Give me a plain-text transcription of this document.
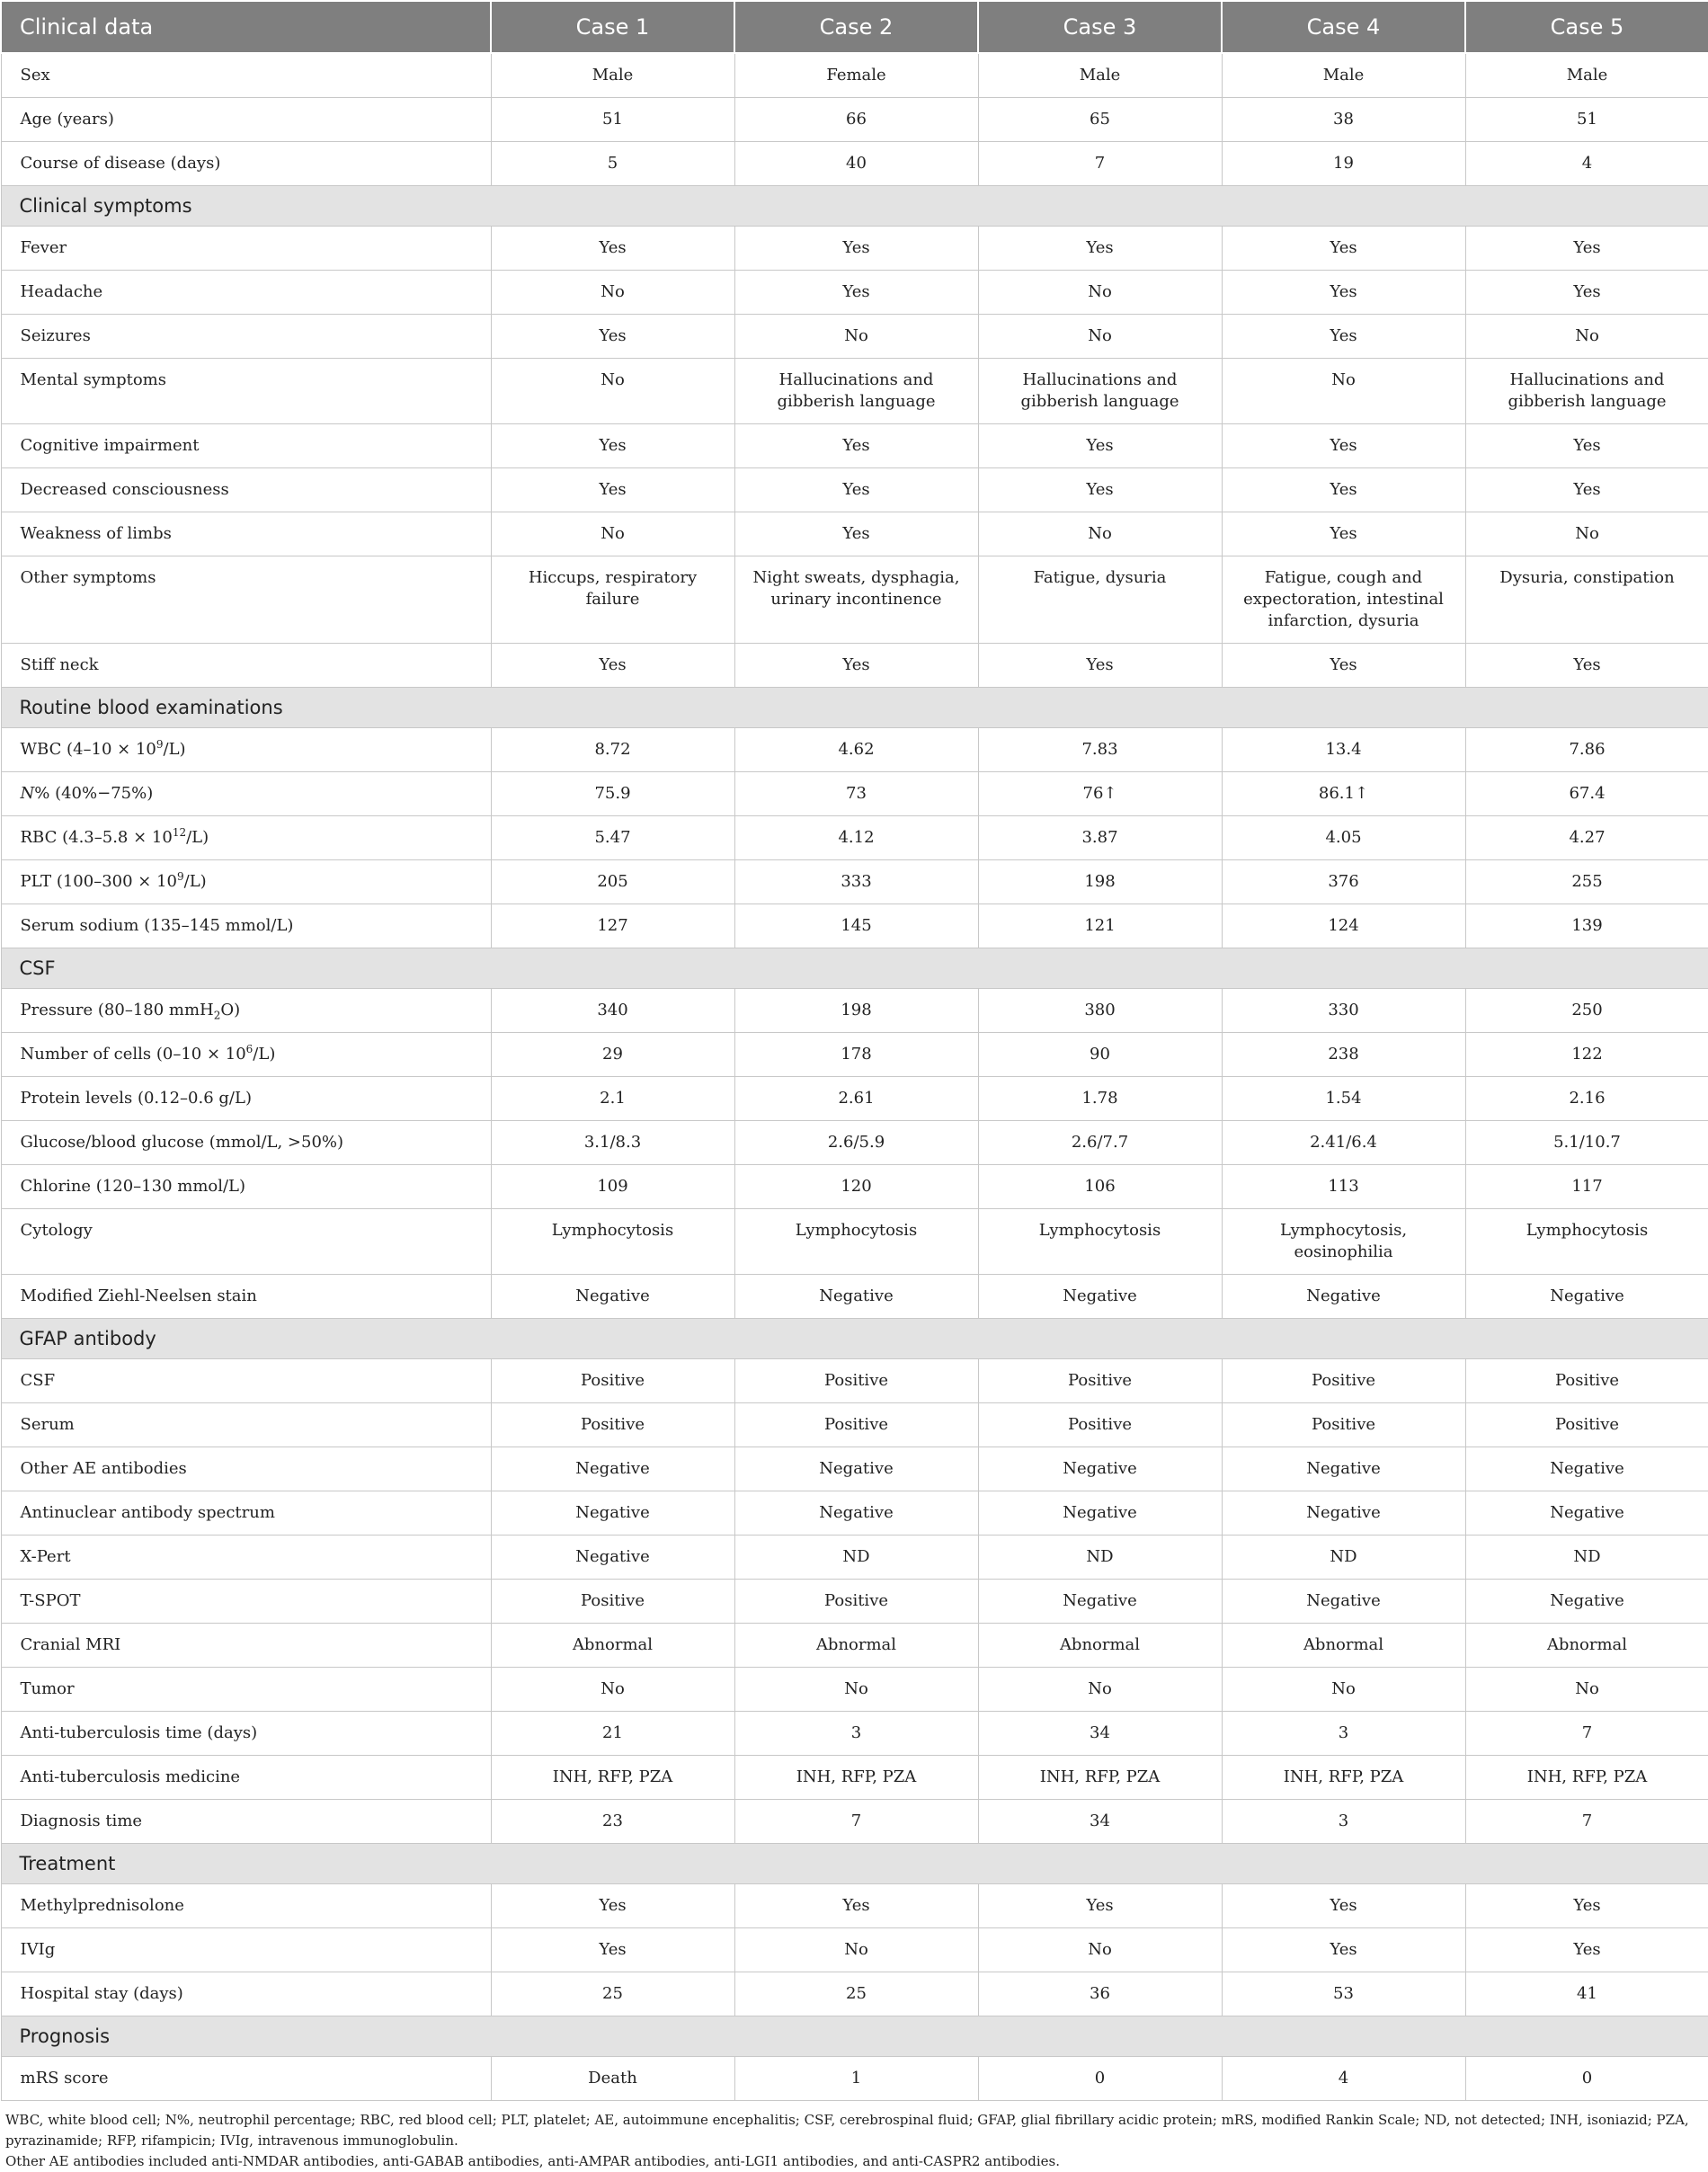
Clinical data	Case 1	Case 2	Case 3	Case 4	Case 5
Sex	Male	Female	Male	Male	Male
Age (years)	51	66	65	38	51
Course of disease (days)	5	40	7	19	4
Clinical symptoms					
Fever	Yes	Yes	Yes	Yes	Yes
Headache	No	Yes	No	Yes	Yes
Seizures	Yes	No	No	Yes	No
Mental symptoms	No	Hallucinations and gibberish language	Hallucinations and gibberish language	No	Hallucinations and gibberish language
Cognitive impairment	Yes	Yes	Yes	Yes	Yes
Decreased consciousness	Yes	Yes	Yes	Yes	Yes
Weakness of limbs	No	Yes	No	Yes	No
Other symptoms	Hiccups, respiratory failure	Night sweats, dysphagia, urinary incontinence	Fatigue, dysuria	Fatigue, cough and expectoration, intestinal infarction, dysuria	Dysuria, constipation
Stiff neck	Yes	Yes	Yes	Yes	Yes
Routine blood examinations					
WBC $(4-10 \times 10^9/L)$	8.72	4.62	7.83	13.4	7.86
N% (40%−75%)	75.9	73	76↑	86.1↑	67.4
RBC $(4.3-5.8 \times 10^{12}/L)$	5.47	4.12	3.87	4.05	4.27
PLT $(100-300 \times 10^9/L)$	205	333	198	376	255
Serum sodium (135–145 mmol/L)	127	145	121	124	139
CSF					
Pressure (80–180 mmH$_2$O)	340	198	380	330	250
Number of cells $(0-10 \times 10^6/L)$	29	178	90	238	122
Protein levels (0.12–0.6 g/L)	2.1	2.61	1.78	1.54	2.16
Glucose/blood glucose (mmol/L, >50%)	3.1/8.3	2.6/5.9	2.6/7.7	2.41/6.4	5.1/10.7
Chlorine (120–130 mmol/L)	109	120	106	113	117
Cytology	Lymphocytosis	Lymphocytosis	Lymphocytosis	Lymphocytosis, eosinophilia	Lymphocytosis
Modified Ziehl-Neelsen stain	Negative	Negative	Negative	Negative	Negative
GFAP antibody					
CSF	Positive	Positive	Positive	Positive	Positive
Serum	Positive	Positive	Positive	Positive	Positive
Other AE antibodies	Negative	Negative	Negative	Negative	Negative
Antinuclear antibody spectrum	Negative	Negative	Negative	Negative	Negative
X-Pert	Negative	ND	ND	ND	ND
T-SPOT	Positive	Positive	Negative	Negative	Negative
Cranial MRI	Abnormal	Abnormal	Abnormal	Abnormal	Abnormal
Tumor	No	No	No	No	No
Anti-tuberculosis time (days)	21	3	34	3	7
Anti-tuberculosis medicine	INH, RFP, PZA	INH, RFP, PZA	INH, RFP, PZA	INH, RFP, PZA	INH, RFP, PZA
Diagnosis time	23	7	34	3	7
Treatment					
Methylprednisolone	Yes	Yes	Yes	Yes	Yes
IVIg	Yes	No	No	Yes	Yes
Hospital stay (days)	25	25	36	53	41
Prognosis					
mRS score	Death	1	0	4	0

WBC, white blood cell; N%, neutrophil percentage; RBC, red blood cell; PLT, platelet; AE, autoimmune encephalitis; CSF, cerebrospinal fluid; GFAP, glial fibrillary acidic protein; mRS, modified Rankin Scale; ND, not detected; INH, isoniazid; PZA, pyrazinamide; RFP, rifampicin; IVIg, intravenous immunoglobulin.

Other AE antibodies included anti-NMDAR antibodies, anti-GABAB antibodies, anti-AMPAR antibodies, anti-LGI1 antibodies, and anti-CASPR2 antibodies.
